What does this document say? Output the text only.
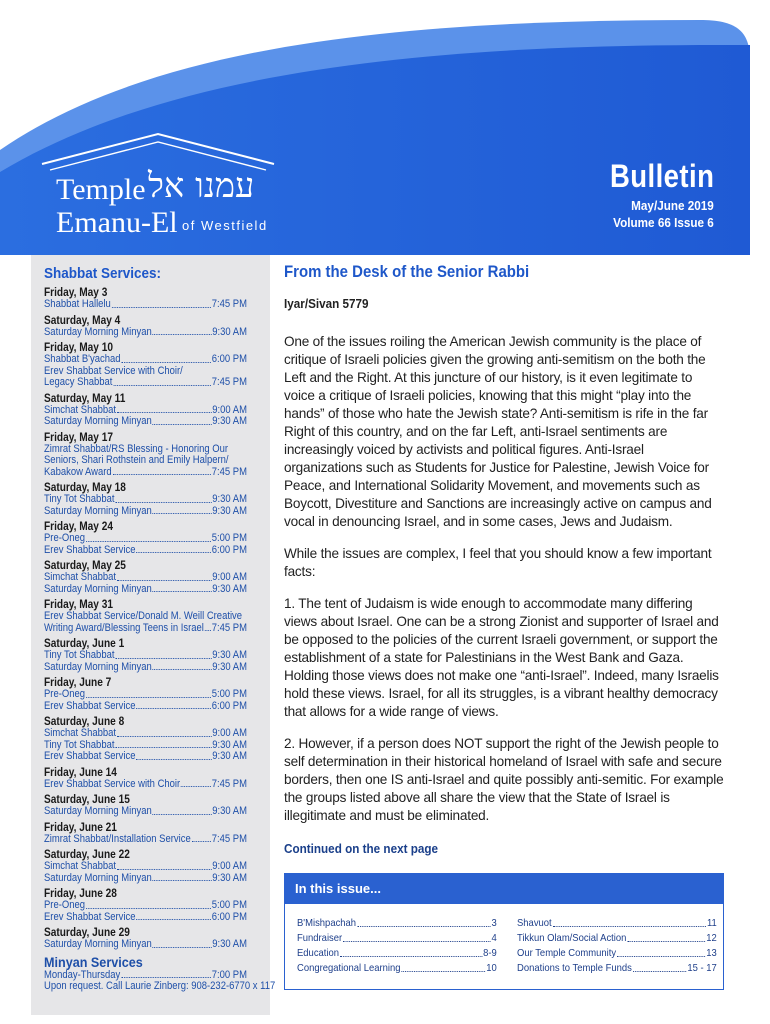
Temple עמנו אל
Emanu-El of Westfield
Bulletin
May/June 2019
Volume 66 Issue 6
Shabbat Services:
Friday, May 3
Shabbat Hallelu	7:45 PM
Saturday, May 4
Saturday Morning Minyan	9:30 AM
Friday, May 10
Shabbat B'yachad	6:00 PM
Erev Shabbat Service with Choir/
Legacy Shabbat	7:45 PM
Saturday, May 11
Simchat Shabbat	9:00 AM
Saturday Morning Minyan	9:30 AM
Friday, May 17
Zimrat Shabbat/RS Blessing - Honoring Our
Seniors, Shari Rothstein and Emily Halpern/
Kabakow Award	7:45 PM
Saturday, May 18
Tiny Tot Shabbat	9:30 AM
Saturday Morning Minyan	9:30 AM
Friday, May 24
Pre-Oneg	5:00 PM
Erev Shabbat Service	6:00 PM
Saturday, May 25
Simchat Shabbat	9:00 AM
Saturday Morning Minyan	9:30 AM
Friday, May 31
Erev Shabbat Service/Donald M. Weill Creative
Writing Award/Blessing Teens in Israel 7:45 PM
Saturday, June 1
Tiny Tot Shabbat	9:30 AM
Saturday Morning Minyan	9:30 AM
Friday, June 7
Pre-Oneg	5:00 PM
Erev Shabbat Service	6:00 PM
Saturday, June 8
Simchat Shabbat	9:00 AM
Tiny Tot Shabbat	9:30 AM
Erev Shabbat Service	9:30 AM
Friday, June 14
Erev Shabbat Service with Choir	7:45 PM
Saturday, June 15
Saturday Morning Minyan	9:30 AM
Friday, June 21
Zimrat Shabbat/Installation Service 7:45 PM
Saturday, June 22
Simchat Shabbat	9:00 AM
Saturday Morning Minyan	9:30 AM
Friday, June 28
Pre-Oneg	5:00 PM
Erev Shabbat Service	6:00 PM
Saturday, June 29
Saturday Morning Minyan	9:30 AM
Minyan Services
Monday-Thursday	7:00 PM
Upon request. Call Laurie Zinberg: 908-232-6770 x 117
From the Desk of the Senior Rabbi
Iyar/Sivan 5779
One of the issues roiling the American Jewish community is the place of critique of Israeli policies given the growing anti-semitism on the both the Left and the Right. At this juncture of our history, is it even legitimate to voice a critique of Israeli policies, knowing that this might “play into the hands” of those who hate the Jewish state? Anti-semitism is rife in the far Right of this country, and on the far Left, anti-Israel sentiments are increasingly voiced by activists and political figures. Anti-Israel organizations such as Students for Justice for Palestine, Jewish Voice for Peace, and International Solidarity Movement, and movements such as Boycott, Divestiture and Sanctions are increasingly active on campus and vocal in denouncing Israel, and in some cases, Jews and Judaism.
While the issues are complex, I feel that you should know a few important facts:
1. The tent of Judaism is wide enough to accommodate many differing views about Israel. One can be a strong Zionist and supporter of Israel and be opposed to the policies of the current Israeli government, or support the establishment of a state for Palestinians in the West Bank and Gaza. Holding those views does not make one “anti-Israel”. Indeed, many Israelis hold these views. Israel, for all its struggles, is a vibrant healthy democracy that allows for a wide range of views.
2. However, if a person does NOT support the right of the Jewish people to self determination in their historical homeland of Israel with safe and secure borders, then one IS anti-Israel and quite possibly anti-semitic. For example the groups listed above all share the view that the State of Israel is illegitimate and must be eliminated.
Continued on the next page
In this issue...
B'Mishpachah	3
Fundraiser	4
Education	8-9
Congregational Learning	10
Shavuot	11
Tikkun Olam/Social Action	12
Our Temple Community	13
Donations to Temple Funds	15 - 17
